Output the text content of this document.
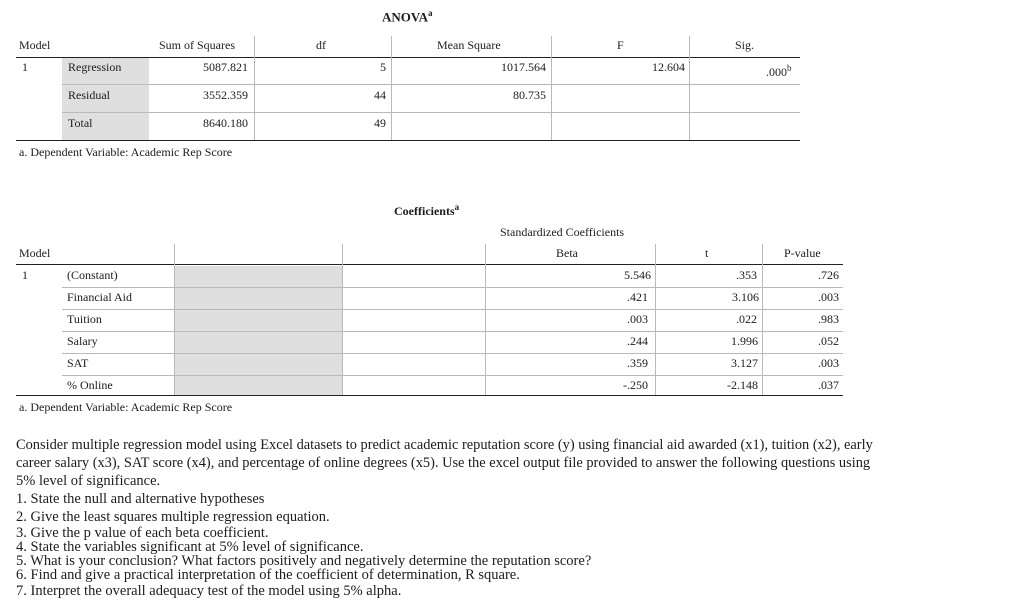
ANOVA$^a$
Model	Sum of Squares	df	Mean Square	F	Sig.
1	Regression	5087.821	5	1017.564	12.604	.000$^b$
Residual	3552.359	44	80.735
Total	8640.180	49
a. Dependent Variable: Academic Rep Score
Coefficients$^a$
Standardized Coefficients
Model	Beta	t	P-value
1	(Constant)	5.546	.353	.726
Financial Aid	.421	3.106	.003
Tuition	.003	.022	.983
Salary	.244	1.996	.052
SAT	.359	3.127	.003
% Online	-.250	-2.148	.037
a. Dependent Variable: Academic Rep Score
Consider multiple regression model using Excel datasets to predict academic reputation score (y) using financial aid awarded (x1), tuition (x2), early
career salary (x3), SAT score (x4), and percentage of online degrees (x5). Use the excel output file provided to answer the following questions using
5% level of significance.
1. State the null and alternative hypotheses
2. Give the least squares multiple regression equation.
3. Give the p value of each beta coefficient.
4. State the variables significant at 5% level of significance.
5. What is your conclusion? What factors positively and negatively determine the reputation score?
6. Find and give a practical interpretation of the coefficient of determination, R square.
7. Interpret the overall adequacy test of the model using 5% alpha.
